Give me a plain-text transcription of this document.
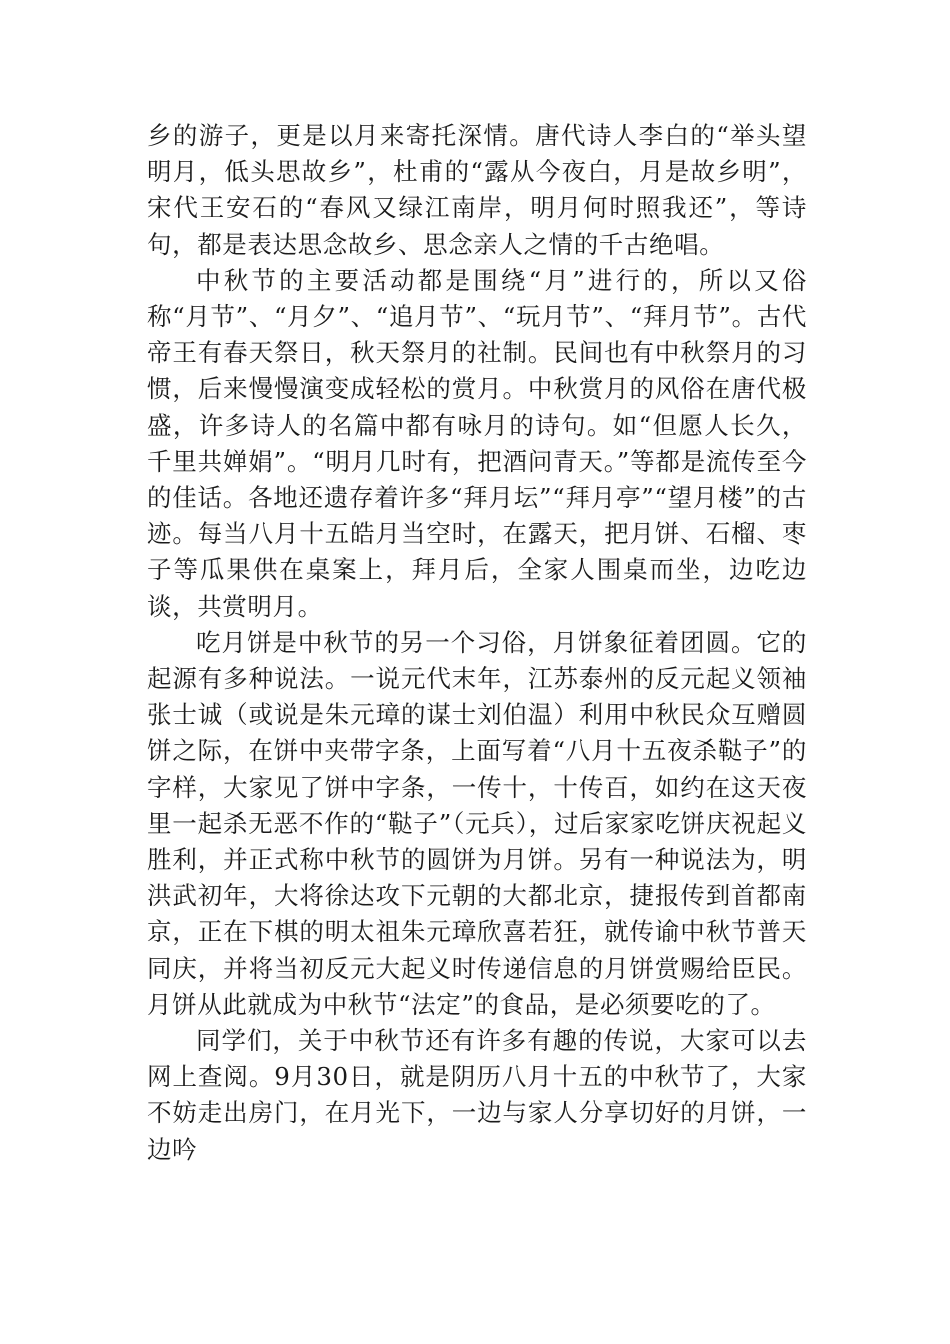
乡的游子，更是以月来寄托深情。唐代诗人李白的“举头望明月，低头思故乡”，杜甫的“露从今夜白，月是故乡明”，宋代王安石的“春风又绿江南岸，明月何时照我还”，等诗句，都是表达思念故乡、思念亲人之情的千古绝唱。

中秋节的主要活动都是围绕“月”进行的，所以又俗称“月节”、“月夕”、“追月节”、“玩月节”、“拜月节”。古代帝王有春天祭日，秋天祭月的社制。民间也有中秋祭月的习惯，后来慢慢演变成轻松的赏月。中秋赏月的风俗在唐代极盛，许多诗人的名篇中都有咏月的诗句。如“但愿人长久，千里共婵娟”。“明月几时有，把酒问青天。”等都是流传至今的佳话。各地还遗存着许多“拜月坛”“拜月亭”“望月楼”的古迹。每当八月十五皓月当空时，在露天，把月饼、石榴、枣子等瓜果供在桌案上，拜月后，全家人围桌而坐，边吃边谈，共赏明月。

吃月饼是中秋节的另一个习俗，月饼象征着团圆。它的起源有多种说法。一说元代末年，江苏泰州的反元起义领袖张士诚（或说是朱元璋的谋士刘伯温）利用中秋民众互赠圆饼之际，在饼中夹带字条，上面写着“八月十五夜杀鞑子”的字样，大家见了饼中字条，一传十，十传百，如约在这天夜里一起杀无恶不作的“鞑子”（元兵），过后家家吃饼庆祝起义胜利，并正式称中秋节的圆饼为月饼。另有一种说法为，明洪武初年，大将徐达攻下元朝的大都北京，捷报传到首都南京，正在下棋的明太祖朱元璋欣喜若狂，就传谕中秋节普天同庆，并将当初反元大起义时传递信息的月饼赏赐给臣民。月饼从此就成为中秋节“法定”的食品，是必须要吃的了。

同学们，关于中秋节还有许多有趣的传说，大家可以去网上查阅。9月30日，就是阴历八月十五的中秋节了，大家不妨走出房门，在月光下，一边与家人分享切好的月饼，一边吟
